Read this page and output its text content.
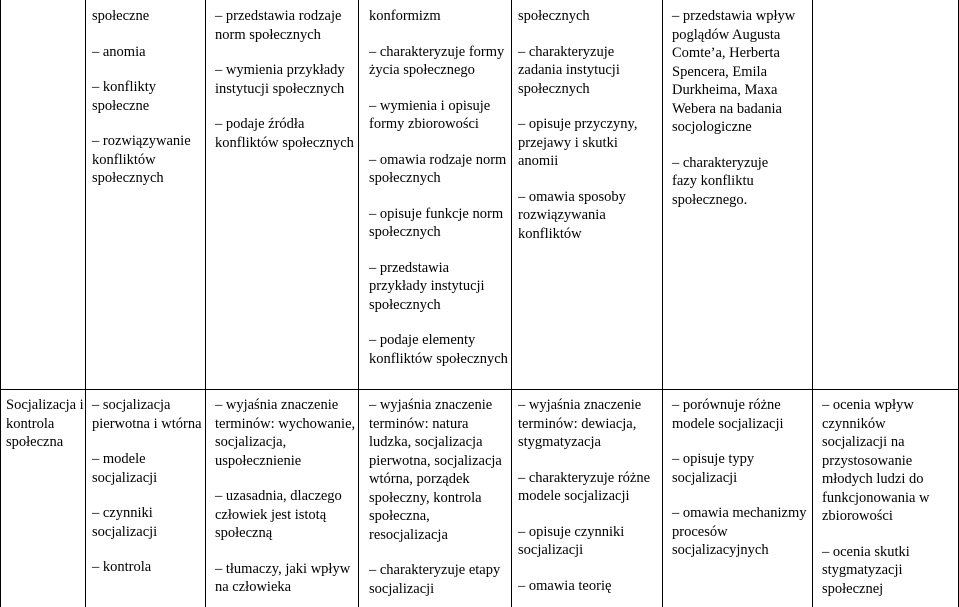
społeczne

– anomia

– konflikty społeczne

– rozwiązywanie konfliktów społecznych

– przedstawia rodzaje norm społecznych

– wymienia przykłady instytucji społecznych

– podaje źródła konfliktów społecznych

konformizm

– charakteryzuje formy życia społecznego

– wymienia i opisuje formy zbiorowości

– omawia rodzaje norm społecznych

– opisuje funkcje norm społecznych

– przedstawia przykłady instytucji społecznych

– podaje elementy konfliktów społecznych

społecznych

– charakteryzuje zadania instytucji społecznych

– opisuje przyczyny, przejawy i skutki anomii

– omawia sposoby rozwiązywania konfliktów

– przedstawia wpływ poglądów Augusta Comte’a, Herberta Spencera, Emila Durkheima, Maxa Webera na badania socjologiczne

– charakteryzuje fazy konfliktu społecznego.

Socjalizacja i kontrola społeczna

– socjalizacja pierwotna i wtórna

– modele socjalizacji

– czynniki socjalizacji

– kontrola

– wyjaśnia znaczenie terminów: wychowanie, socjalizacja, uspołecznienie

– uzasadnia, dlaczego człowiek jest istotą społeczną

– tłumaczy, jaki wpływ na człowieka

– wyjaśnia znaczenie terminów: natura ludzka, socjalizacja pierwotna, socjalizacja wtórna, porządek społeczny, kontrola społeczna, resocjalizacja

– charakteryzuje etapy socjalizacji

– wyjaśnia znaczenie terminów: dewiacja, stygmatyzacja

– charakteryzuje różne modele socjalizacji

– opisuje czynniki socjalizacji

– omawia teorię

– porównuje różne modele socjalizacji

– opisuje typy socjalizacji

– omawia mechanizmy procesów socjalizacyjnych

– ocenia wpływ czynników socjalizacji na przystosowanie młodych ludzi do funkcjonowania w zbiorowości

– ocenia skutki stygmatyzacji społecznej
